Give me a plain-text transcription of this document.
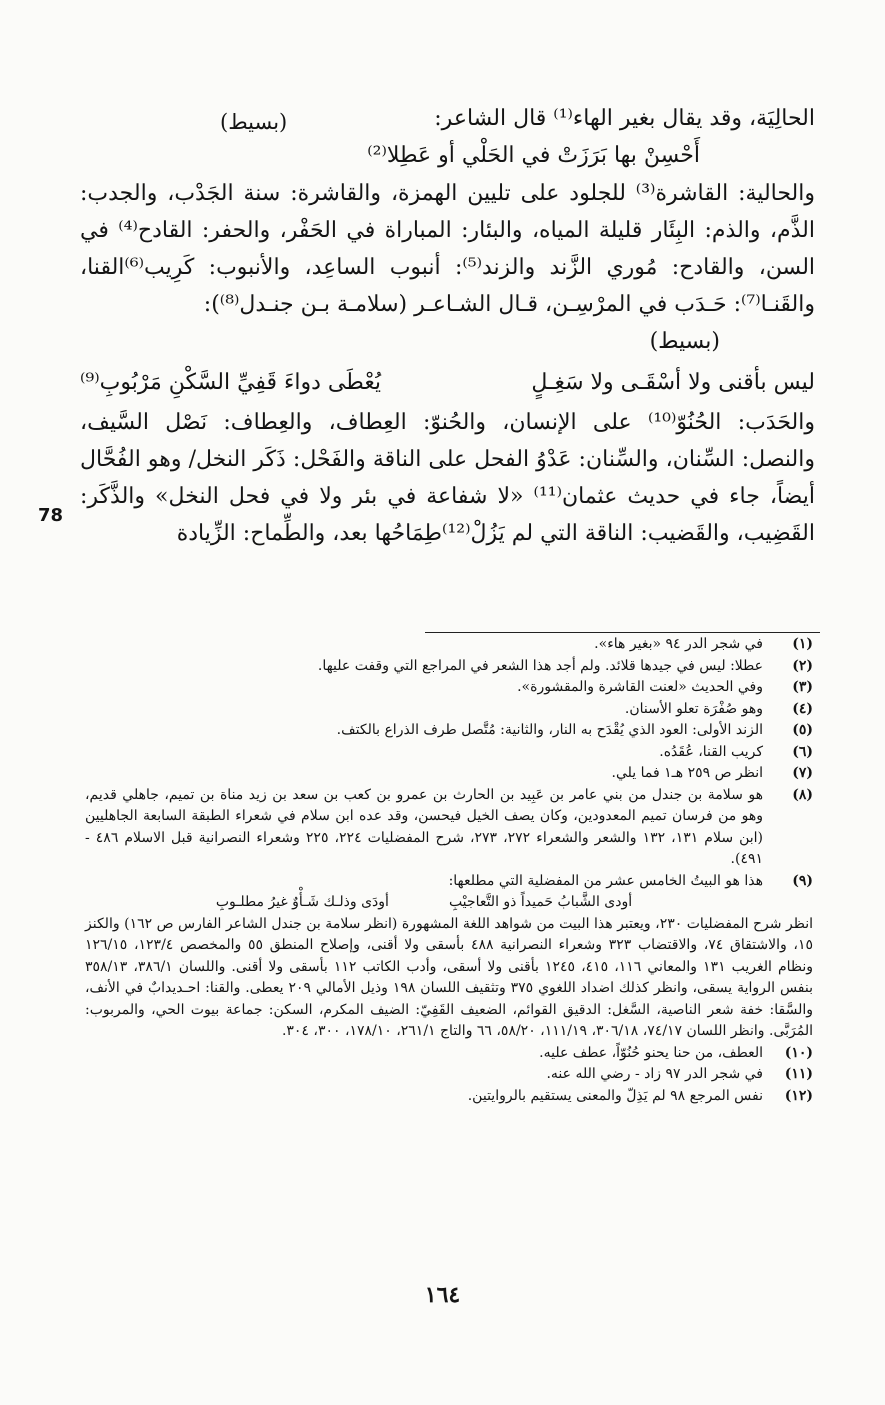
الحالِيَة، وقد يقال بغير الهاء⁽¹⁾ قال الشاعر:

أَحْسِنْ بها بَرَزَتْ في الحَلْي أو عَطِلا⁽²⁾

والحالية: القاشرة⁽³⁾ للجلود على تليين الهمزة، والقاشرة: سنة الجَدْب، والجدب: الذَّم، والذم: البِئَار قليلة المياه، والبئار: المباراة في الحَفْر، والحفر: القادح⁽⁴⁾ في السن، والقادح: مُوري الزَّند والزند⁽⁵⁾: أنبوب الساعِد، والأنبوب: كَرِيب⁽⁶⁾القنا، والقَنـا⁽⁷⁾: حَـدَب في المرْسِـن، قـال الشـاعـر (سلامـة بـن جنـدل⁽⁸⁾):

(بسيط)

ليس بأقنى ولا أسْقَـى ولا سَغِـلٍ
يُعْطَى دواءَ قَفِيِّ السَّكْنِ مَرْبُوبِ⁽⁹⁾

والحَدَب: الحُنُوّ⁽¹⁰⁾ على الإنسان، والحُنوّ: العِطاف، والعِطاف: نَصْل السَّيف، والنصل: السِّنان، والسِّنان: عَدْوُ الفحل على الناقة والفَحْل: ذَكَر النخل/ وهو الفُحَّال أيضاً، جاء في حديث عثمان⁽¹¹⁾ «لا شفاعة في بئر ولا في فحل النخل» والذَّكَر: القَضِيب، والقَضيب: الناقة التي لم يَزُلْ⁽¹²⁾طِمَاحُها بعد، والطِّماح: الزِّيادة

(بسيط)
78
(١)
في شجر الدر ٩٤ «بغير هاء».
(٢)
عطلا: ليس في جيدها قلائد. ولم أجد هذا الشعر في المراجع التي وقفت عليها.
(٣)
وفي الحديث «لعنت القاشرة والمقشورة».
(٤)
وهو صُفْرَة تعلو الأسنان.
(٥)
الزند الأولى: العود الذي يُقْدَح به النار، والثانية: مُتَّصل طرف الذراع بالكتف.
(٦)
كريب القنا، عُقَدُه.
(٧)
انظر ص ٢٥٩ هـ١ فما يلي.
(٨)
هو سلامة بن جندل من بني عامر بن عَبِيد بن الحارث بن عمرو بن كعب بن سعد بن زيد مناة بن تميم، جاهلي قديم، وهو من فرسان تميم المعدودين، وكان يصف الخيل فيحسن، وقد عده ابن سلام في شعراء الطبقة السابعة الجاهليين (ابن سلام ١٣١، ١٣٢ والشعر والشعراء ٢٧٢، ٢٧٣، شرح المفضليات ٢٢٤، ٢٢٥ وشعراء النصرانية قبل الاسلام ٤٨٦ - ٤٩١).
(٩)

هذا هو البيتُ الخامس عشر من المفضلية التي مطلعها:

أودى الشَّبابُ حَميداً ذو التَّعاجيْبِ
أودَى وذلـك شَـأْوٌ غيرُ مطلـوبِ
انظر شرح المفضليات ٢٣٠، ويعتبر هذا البيت من شواهد اللغة المشهورة (انظر سلامة بن جندل الشاعر الفارس ص ١٦٢) والكنز ١٥، والاشتقاق ٧٤، والاقتضاب ٣٢٣ وشعراء النصرانية ٤٨٨ بأسقى ولا أقنى، وإصلاح المنطق ٥٥ والمخصص ١٢٣/٤، ١٢٦/١٥ ونظام الغريب ١٣١ والمعاني ١١٦، ٤١٥، ١٢٤٥ بأقنى ولا أسقى، وأدب الكاتب ١١٢ بأسقى ولا أقنى. واللسان ٣٨٦/١، ٣٥٨/١٣ بنفس الرواية يسقى، وانظر كذلك اضداد اللغوي ٣٧٥ وتثقيف اللسان ١٩٨ وذيل الأمالي ٢٠٩ يعطى. والقنا: احـديدابٌ في الأنف، والسَّقا: خفة شعر الناصية، السَّغل: الدقيق القوائم، الضعيف القَفِيّ: الضيف المكرم، السكن: جماعة بيوت الحي، والمربوب: المُرَبَّى. وانظر اللسان ٧٤/١٧، ٣٠٦/١٨، ١١١/١٩، ٥٨/٢٠، ٦٦ والتاج ٢٦١/١، ١٧٨/١٠، ٣٠٠، ٣٠٤.
(١٠)
العطف، من حنا يحنو حُنُوّاً، عطف عليه.
(١١)
في شجر الدر ٩٧ زاد - رضي الله عنه.
(١٢)
نفس المرجع ٩٨ لم يَذِلّ والمعنى يستقيم بالروايتين.
١٦٤
